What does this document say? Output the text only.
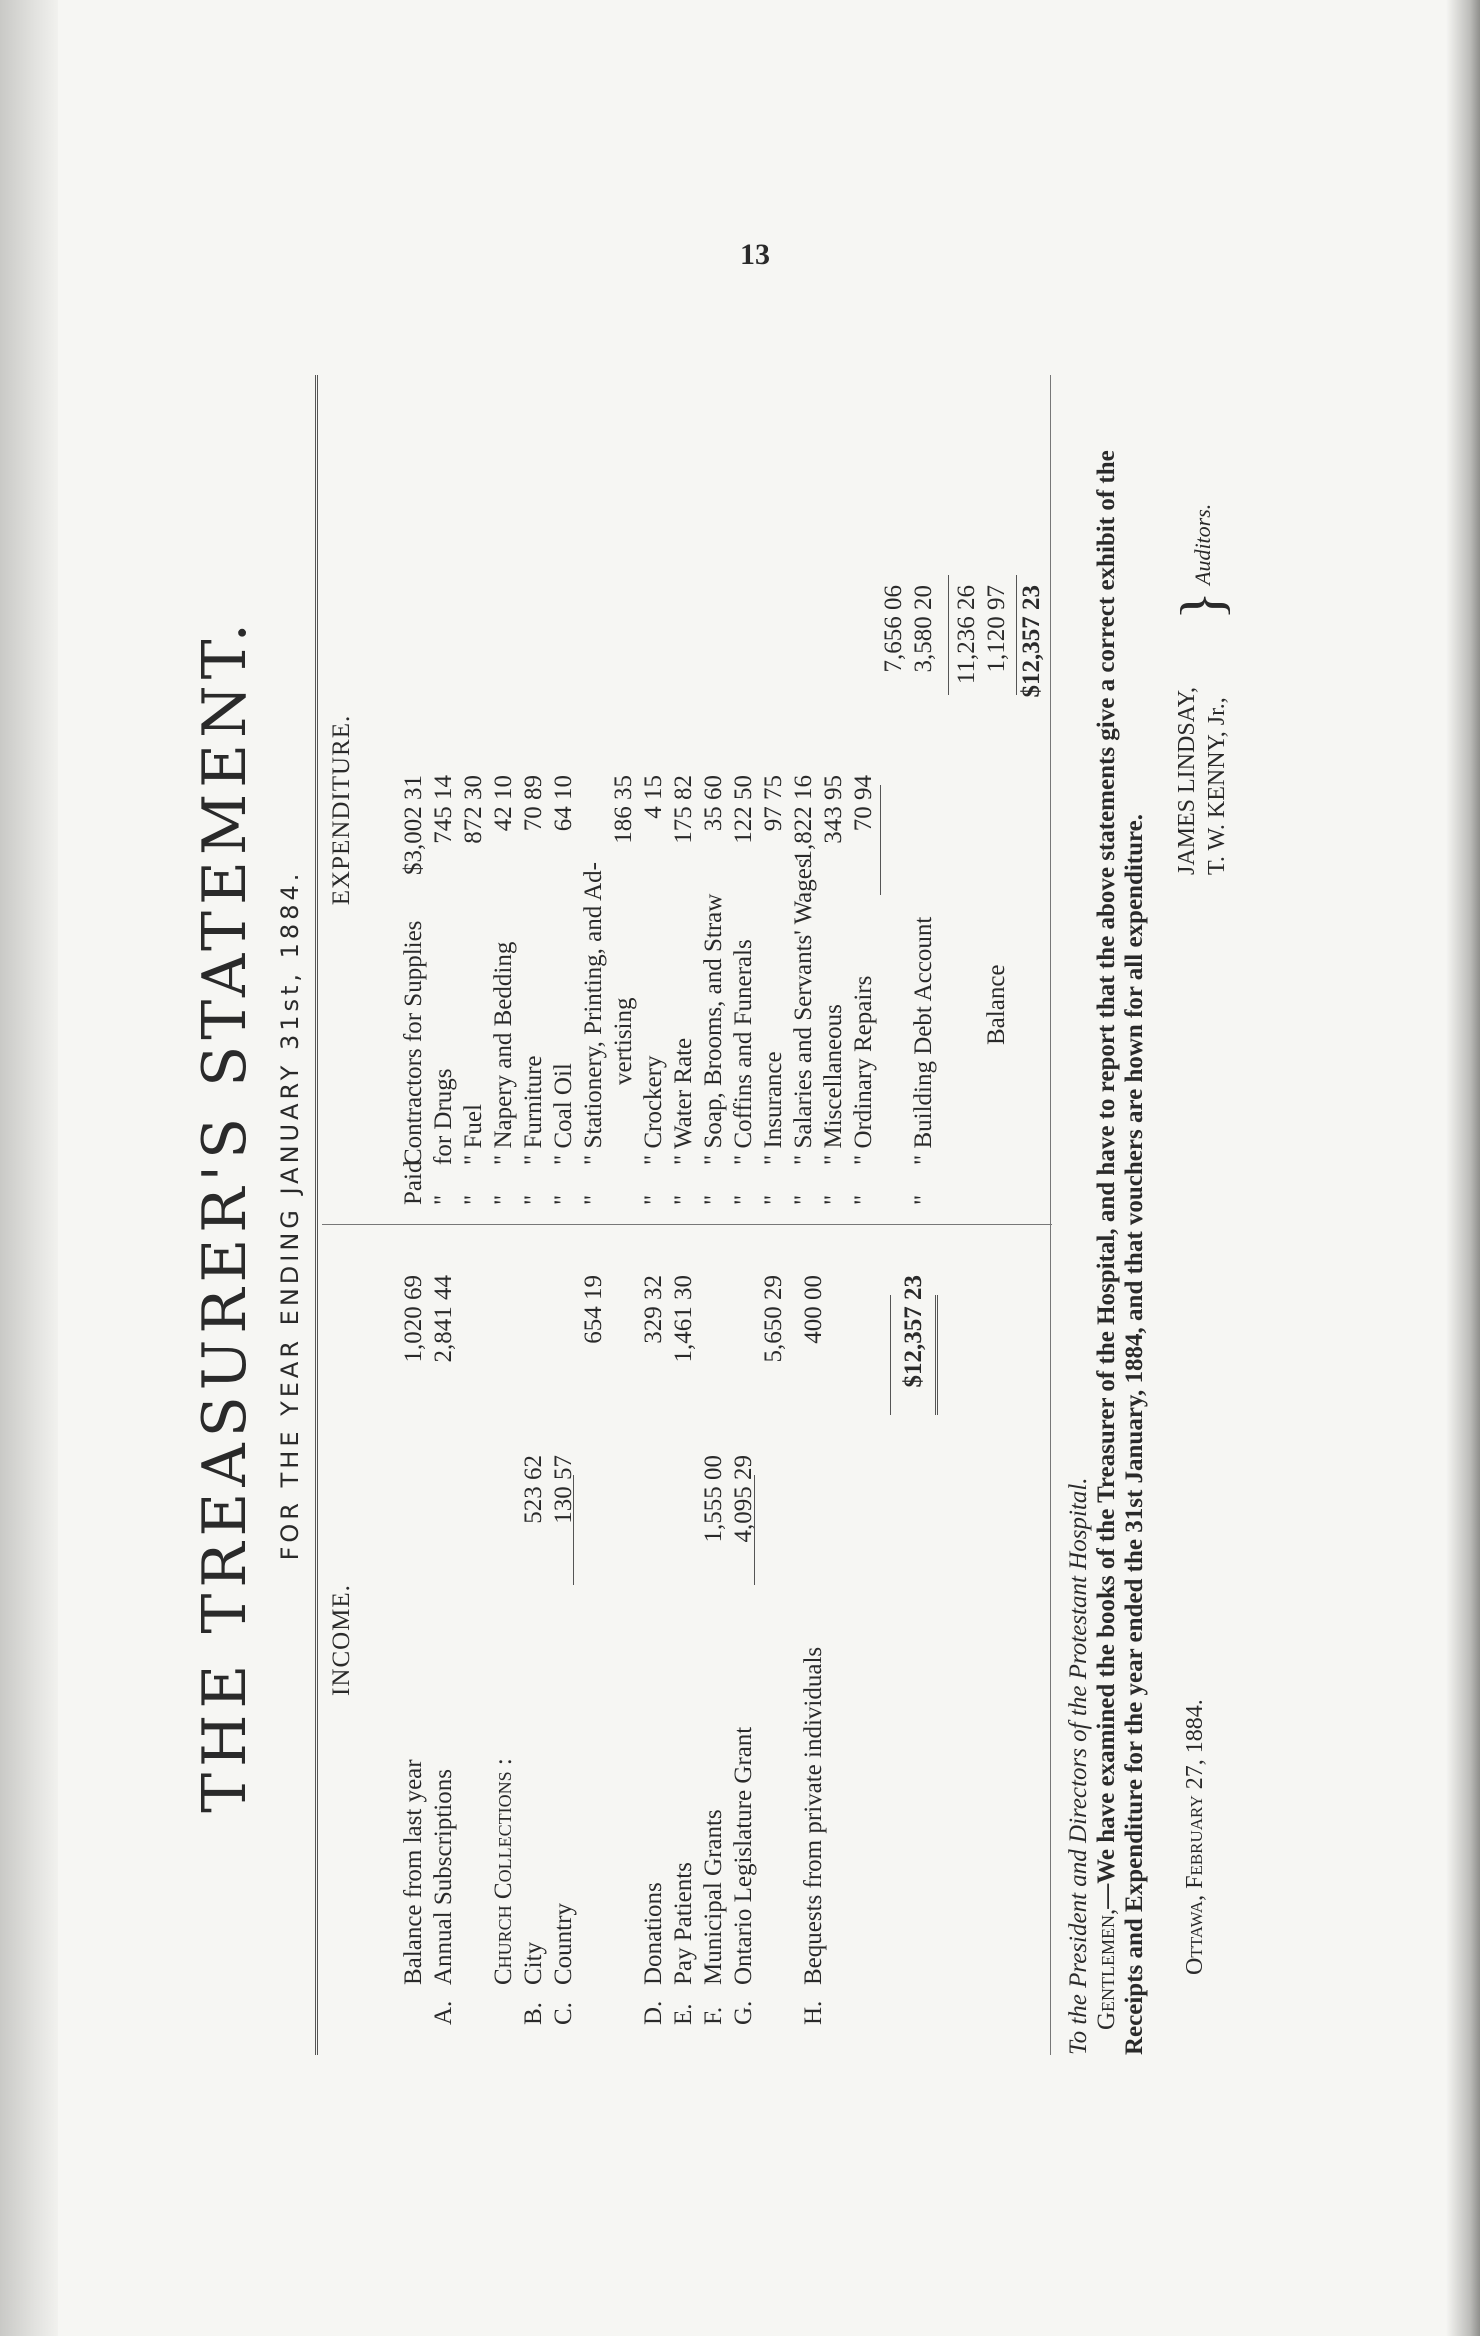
13
THE TREASURER'S STATEMENT. FOR THE YEAR ENDING JANUARY 31st, 1884.
INCOME.
EXPENDITURE.
Balance from last year
1,020 69
A.
Annual Subscriptions
2,841 44
Church Collections :
B.
City
523 62
C.
Country
130 57
654 19
D.
Donations
329 32
E.
Pay Patients
1,461 30
F.
Municipal Grants
1,555 00
G.
Ontario Legislature Grant
4,095 29
5,650 29
H.
Bequests from private individuals
400 00	$12,357 23
Paid
Contractors for Supplies
$3,002 31
"
for Drugs
745 14
"
" Fuel
872 30
"
" Napery and Bedding
42 10
"
" Furniture
70 89
"
" Coal Oil
64 10
"
" Stationery, Printing, and Ad- vertising
186 35
"
" Crockery
4 15
"
" Water Rate
175 82
"
" Soap, Brooms, and Straw
35 60
"
" Coffins and Funerals
122 50
"
" Insurance
97 75
"
" Salaries and Servants' Wages
1,822 16
"
" Miscellaneous
343 95
"
" Ordinary Repairs
70 94
7,656 06
"
" Building Debt Account
3,580 20 11,236 26
Balance
1,120 97 $12,357 23
To the President and Directors of the Protestant Hospital.
Gentlemen,—We have examined the books of the Treasurer of the Hospital, and have to report that the above statements give a correct exhibit of the Receipts and Expenditure for the year ended the 31st January, 1884, and that vouchers are hown for all expenditure. Ottawa, February 27, 1884.
JAMES LINDSAY, T. W. KENNY, Jr.,
}
Auditors.
